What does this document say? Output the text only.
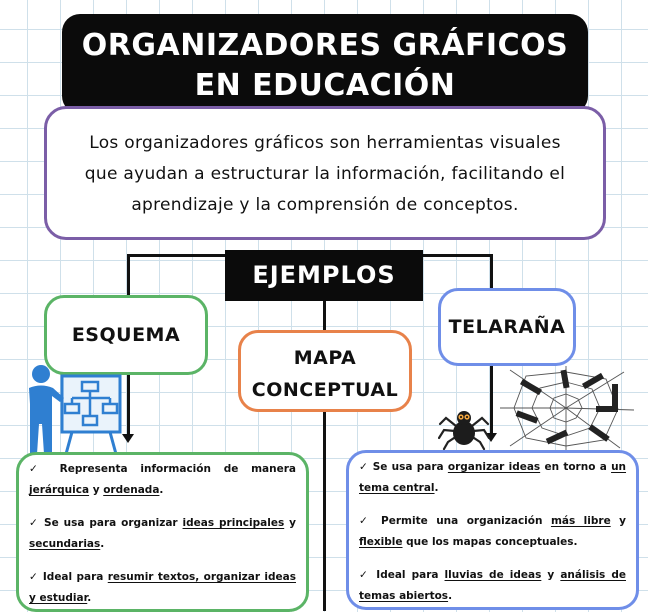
ORGANIZADORES GRÁFICOS
EN EDUCACIÓN
Los organizadores gráficos son herramientas visuales
que ayudan a estructurar la información, facilitando el
aprendizaje y la comprensión de conceptos.
EJEMPLOS
ESQUEMA
MAPA
CONCEPTUAL
TELARAÑA

✓ Representa información de manera jerárquica y ordenada.

✓ Se usa para organizar ideas principales y secundarias.

✓ Ideal para resumir textos, organizar ideas y estudiar.

✓ Se usa para organizar ideas en torno a un tema central.

✓ Permite una organización más libre y flexible que los mapas conceptuales.

✓ Ideal para lluvias de ideas y análisis de temas abiertos.
